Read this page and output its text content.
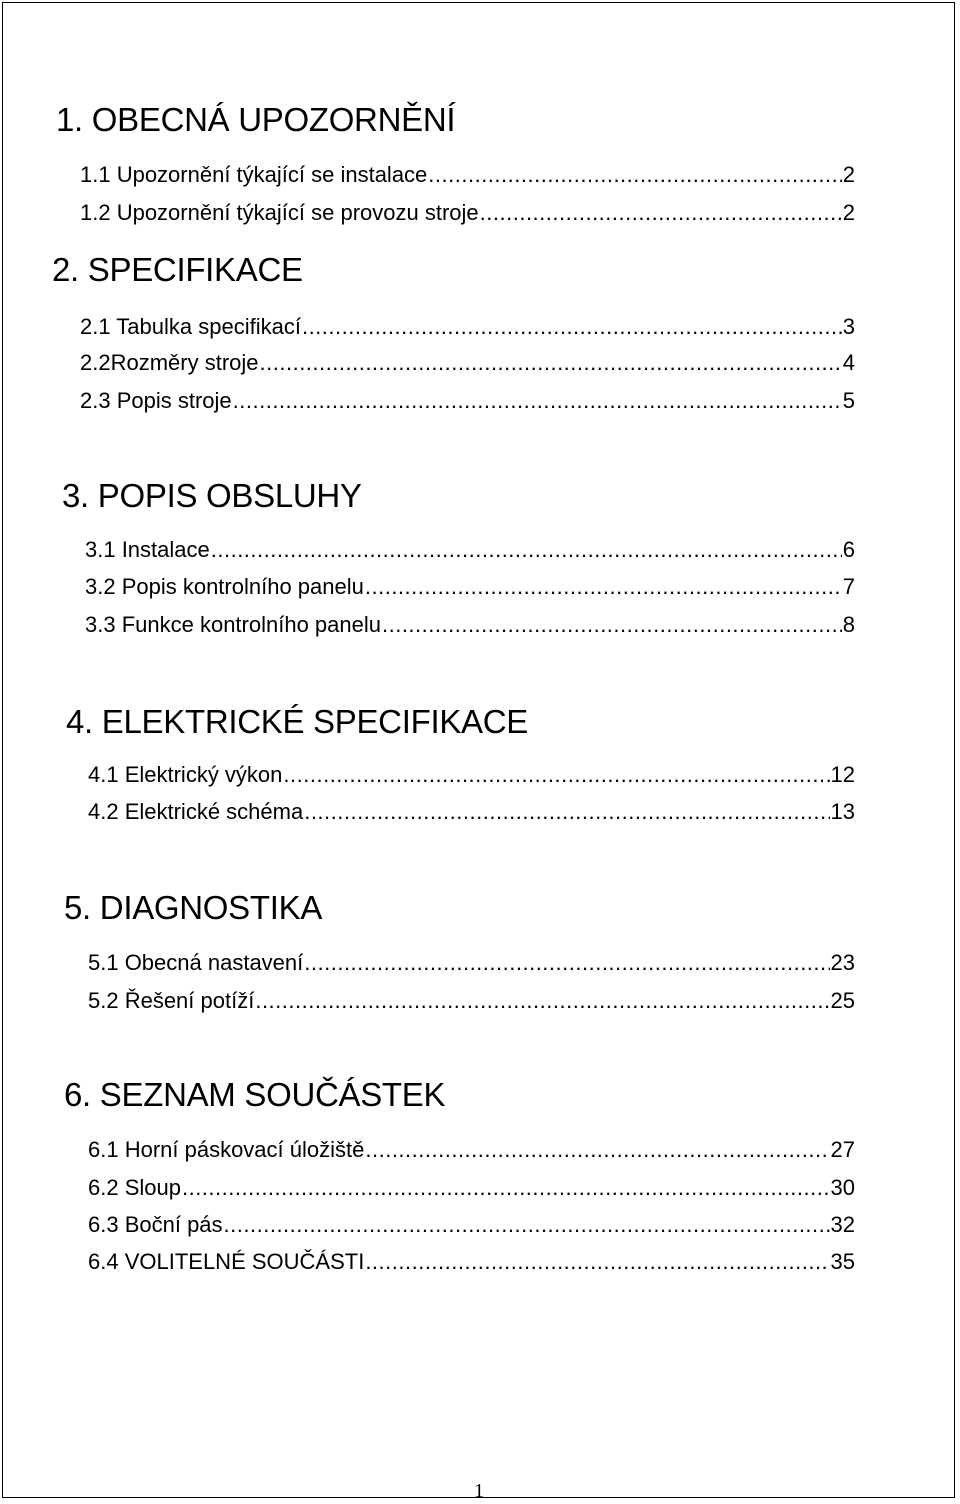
1. OBECNÁ UPOZORNĚNÍ
1.1 Upozornění týkající se instalace .....	2
1.2 Upozornění týkající se provozu stroje .....	2
2. SPECIFIKACE
2.1 Tabulka specifikací .....	3
2.2Rozměry stroje .....	4
2.3 Popis stroje .....	5
3. POPIS OBSLUHY
3.1 Instalace .....	6
3.2 Popis kontrolního panelu .....	7
3.3 Funkce kontrolního panelu .....	8
4. ELEKTRICKÉ SPECIFIKACE
4.1 Elektrický výkon .....	12
4.2 Elektrické schéma .....	13
5. DIAGNOSTIKA
5.1 Obecná nastavení .....	23
5.2 Řešení potíží .....	25
6. SEZNAM SOUČÁSTEK
6.1 Horní páskovací úložiště .....	27
6.2 Sloup .....	30
6.3 Boční pás .....	32
6.4 VOLITELNÉ SOUČÁSTI .....	35
1
